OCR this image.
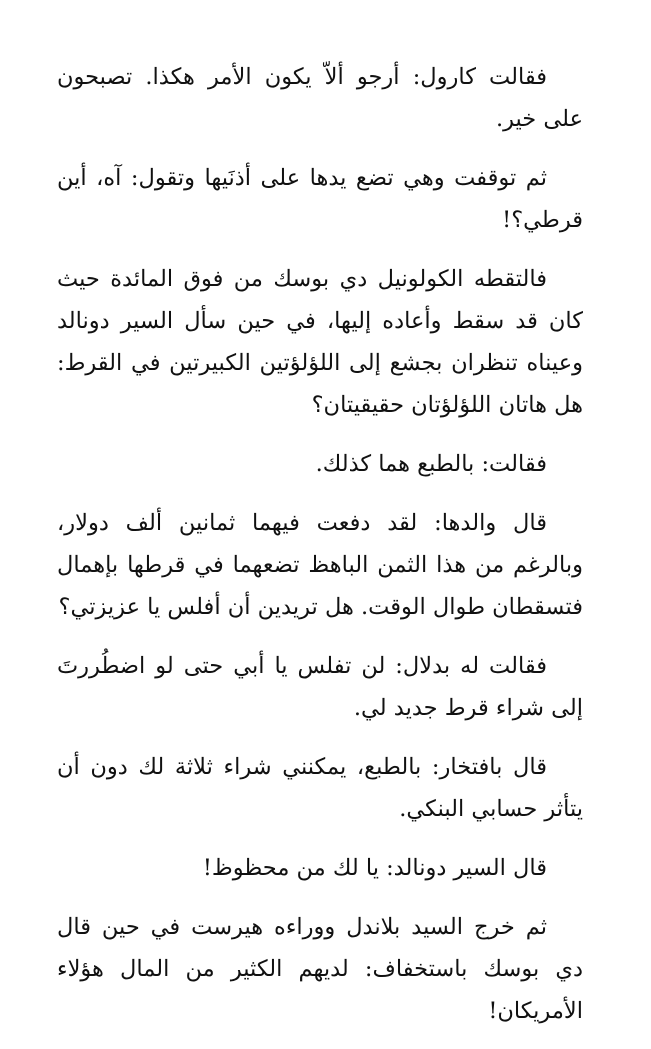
فقالت كارول: أرجو ألاّ يكون الأمر هكذا. تصبحون على خير.

ثم توقفت وهي تضع يدها على أذنَيها وتقول: آه، أين قرطي؟!

فالتقطه الكولونيل دي بوسك من فوق المائدة حيث كان قد سقط وأعاده إليها، في حين سأل السير دونالد وعيناه تنظران بجشع إلى اللؤلؤتين الكبيرتين في القرط: هل هاتان اللؤلؤتان حقيقيتان؟

فقالت: بالطبع هما كذلك.

قال والدها: لقد دفعت فيهما ثمانين ألف دولار، وبالرغم من هذا الثمن الباهظ تضعهما في قرطها بإهمال فتسقطان طوال الوقت. هل تريدين أن أفلس يا عزيزتي؟

فقالت له بدلال: لن تفلس يا أبي حتى لو اضطُررتَ إلى شراء قرط جديد لي.

قال بافتخار: بالطبع، يمكنني شراء ثلاثة لك دون أن يتأثر حسابي البنكي.

قال السير دونالد: يا لك من محظوظ!

ثم خرج السيد بلاندل ووراءه هيرست في حين قال دي بوسك باستخفاف: لديهم الكثير من المال هؤلاء الأمريكان!
